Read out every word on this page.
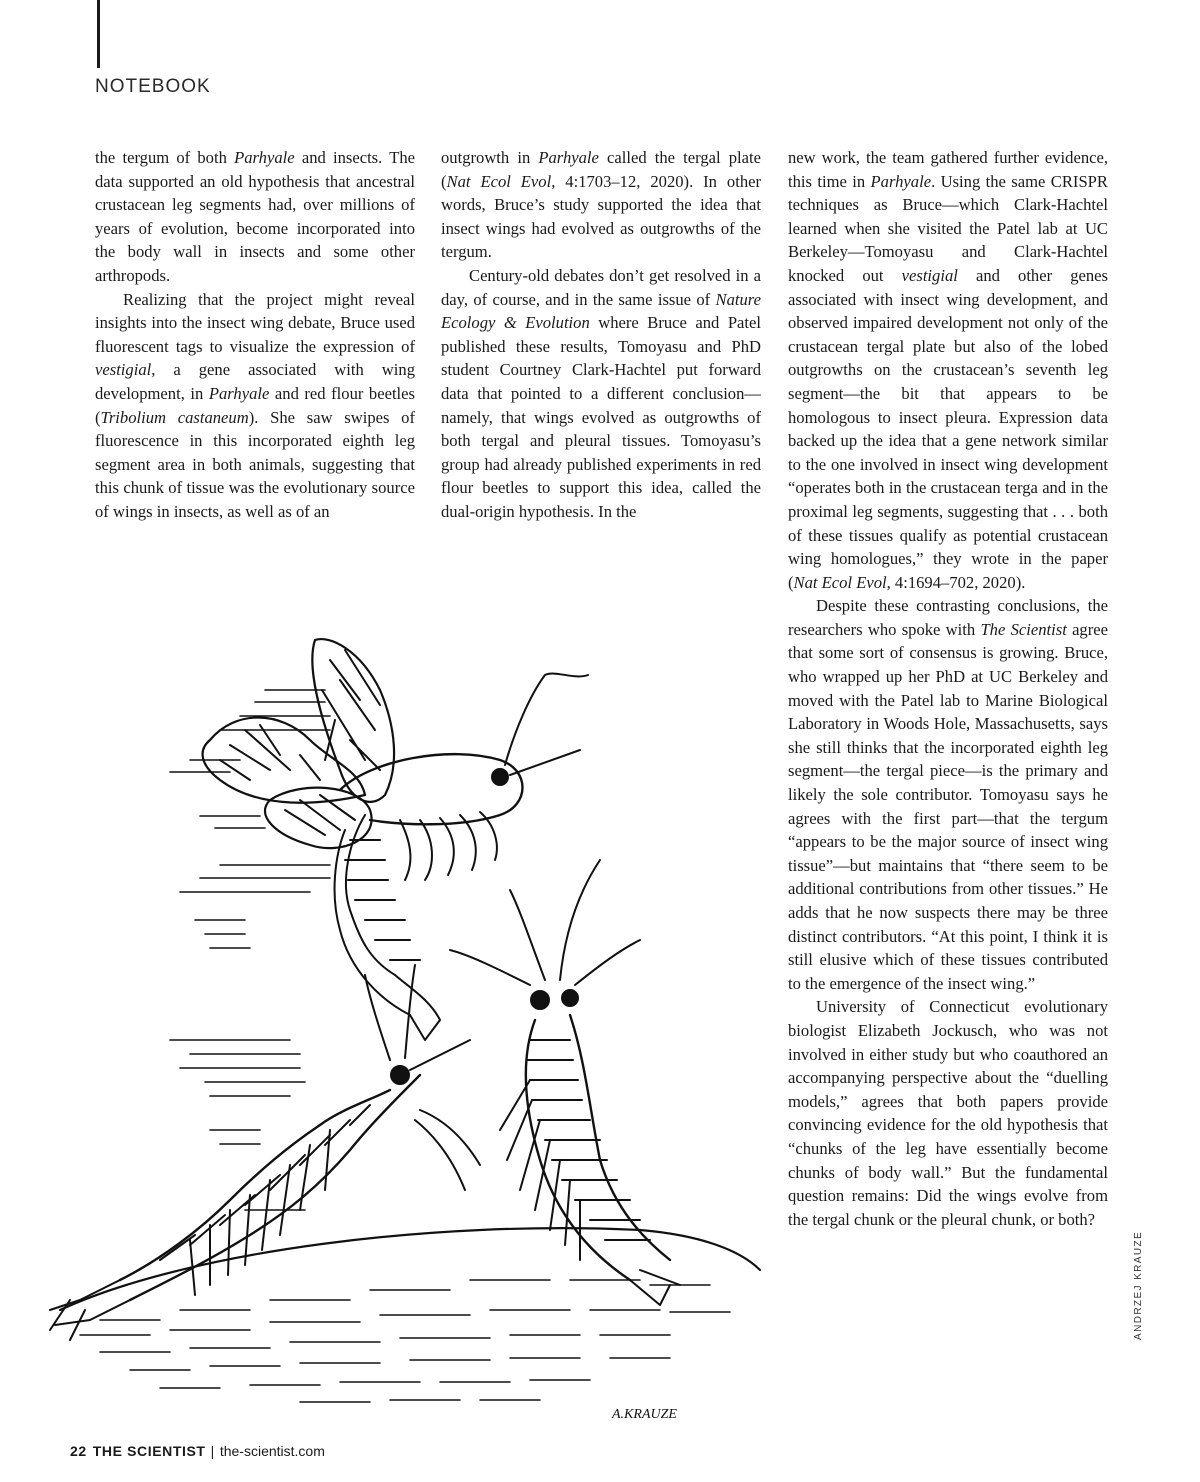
NOTEBOOK

the tergum of both Parhyale and insects. The data supported an old hypothesis that ancestral crustacean leg segments had, over millions of years of evolution, become incorporated into the body wall in insects and some other arthropods.

Realizing that the project might reveal insights into the insect wing debate, Bruce used fluorescent tags to visualize the expression of vestigial, a gene associated with wing development, in Parhyale and red flour beetles (Tribolium castaneum). She saw swipes of fluorescence in this incorporated eighth leg segment area in both animals, suggesting that this chunk of tissue was the evolutionary source of wings in insects, as well as of an

outgrowth in Parhyale called the tergal plate (Nat Ecol Evol, 4:1703–12, 2020). In other words, Bruce’s study supported the idea that insect wings had evolved as outgrowths of the tergum.

Century-old debates don’t get resolved in a day, of course, and in the same issue of Nature Ecology & Evolution where Bruce and Patel published these results, Tomoyasu and PhD student Courtney Clark-Hachtel put forward data that pointed to a different conclusion—namely, that wings evolved as outgrowths of both tergal and pleural tissues. Tomoyasu’s group had already published experiments in red flour beetles to support this idea, called the dual-origin hypothesis. In the

new work, the team gathered further evidence, this time in Parhyale. Using the same CRISPR techniques as Bruce—which Clark-Hachtel learned when she visited the Patel lab at UC Berkeley—Tomoyasu and Clark-Hachtel knocked out vestigial and other genes associated with insect wing development, and observed impaired development not only of the crustacean tergal plate but also of the lobed outgrowths on the crustacean’s seventh leg segment—the bit that appears to be homologous to insect pleura. Expression data backed up the idea that a gene network similar to the one involved in insect wing development “operates both in the crustacean terga and in the proximal leg segments, suggesting that . . . both of these tissues qualify as potential crustacean wing homologues,” they wrote in the paper (Nat Ecol Evol, 4:1694–702, 2020).

Despite these contrasting conclusions, the researchers who spoke with The Scientist agree that some sort of consensus is growing. Bruce, who wrapped up her PhD at UC Berkeley and moved with the Patel lab to Marine Biological Laboratory in Woods Hole, Massachusetts, says she still thinks that the incorporated eighth leg segment—the tergal piece—is the primary and likely the sole contributor. Tomoyasu says he agrees with the first part—that the tergum “appears to be the major source of insect wing tissue”—but maintains that “there seem to be additional contributions from other tissues.” He adds that he now suspects there may be three distinct contributors. “At this point, I think it is still elusive which of these tissues contributed to the emergence of the insect wing.”

University of Connecticut evolutionary biologist Elizabeth Jockusch, who was not involved in either study but who coauthored an accompanying perspective about the “duelling models,” agrees that both papers provide convincing evidence for the old hypothesis that “chunks of the leg have essentially become chunks of body wall.” But the fundamental question remains: Did the wings evolve from the tergal chunk or the pleural chunk, or both?

A.KRAUZE
ANDRZEJ KRAUZE
22 THE SCIENTIST | the-scientist.com
